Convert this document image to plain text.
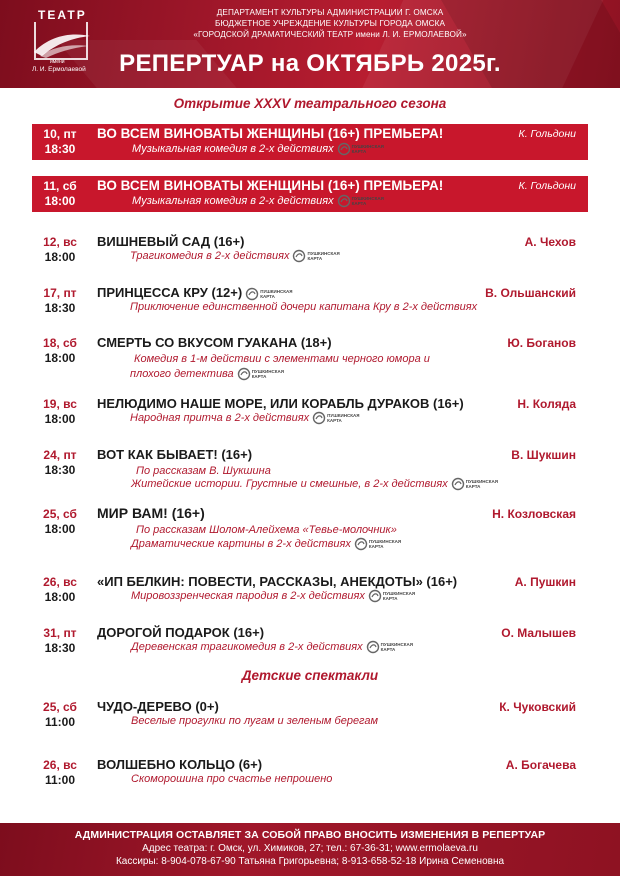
ТЕАТР
имени
Л. И. Ермолаевой
ДЕПАРТАМЕНТ КУЛЬТУРЫ АДМИНИСТРАЦИИ Г. ОМСКА
БЮДЖЕТНОЕ УЧРЕЖДЕНИЕ КУЛЬТУРЫ ГОРОДА ОМСКА
«ГОРОДСКОЙ ДРАМАТИЧЕСКИЙ ТЕАТР имени Л. И. ЕРМОЛАЕВОЙ»
РЕПЕРТУАР на ОКТЯБРЬ 2025г.
Открытие XXXV театрального сезона
10, пт
18:30
ВО ВСЕМ ВИНОВАТЫ ЖЕНЩИНЫ (16+) ПРЕМЬЕРА!	К. Гольдони
Музыкальная комедия в 2-х действиях	ПУШКИНСКАЯ КАРТА
11, сб
18:00
ВО ВСЕМ ВИНОВАТЫ ЖЕНЩИНЫ (16+) ПРЕМЬЕРА!	К. Гольдони
Музыкальная комедия в 2-х действиях	ПУШКИНСКАЯ КАРТА
12, вс
18:00
ВИШНЕВЫЙ САД (16+)	А. Чехов
Трагикомедия в 2-х действиях	ПУШКИНСКАЯ КАРТА
17, пт
18:30
ПРИНЦЕССА КРУ (12+)	ПУШКИНСКАЯ КАРТА	В. Ольшанский
Приключение единственной дочери капитана Кру в 2-х действиях
18, сб
18:00
СМЕРТЬ СО ВКУСОМ ГУАКАНА (18+)	Ю. Боганов
Комедия в 1-м действии с элементами черного юмора и
плохого детектива	ПУШКИНСКАЯ КАРТА
19, вс
18:00
НЕЛЮДИМО НАШЕ МОРЕ, ИЛИ КОРАБЛЬ ДУРАКОВ (16+)	Н. Коляда
Народная притча в 2-х действиях	ПУШКИНСКАЯ КАРТА
24, пт
18:30
ВОТ КАК БЫВАЕТ! (16+)	В. Шукшин
По рассказам В. Шукшина
Житейские истории. Грустные и смешные, в 2-х действиях	ПУШКИНСКАЯ КАРТА
25, сб
18:00
МИР ВАМ! (16+)	Н. Козловская
По рассказам Шолом-Алейхема «Тевье-молочник»
Драматические картины в 2-х действиях	ПУШКИНСКАЯ КАРТА
26, вс
18:00
«ИП БЕЛКИН: ПОВЕСТИ, РАССКАЗЫ, АНЕКДОТЫ» (16+)	А. Пушкин
Мировоззренческая пародия в 2-х действиях	ПУШКИНСКАЯ КАРТА
31, пт
18:30
ДОРОГОЙ ПОДАРОК (16+)	О. Малышев
Деревенская трагикомедия в 2-х действиях	ПУШКИНСКАЯ КАРТА
Детские спектакли
25, сб
11:00
ЧУДО-ДЕРЕВО (0+)	К. Чуковский
Веселые прогулки по лугам и зеленым берегам
26, вс
11:00
ВОЛШЕБНО КОЛЬЦО (6+)	А. Богачева
Скоморошина про счастье непрошено
АДМИНИСТРАЦИЯ ОСТАВЛЯЕТ ЗА СОБОЙ ПРАВО ВНОСИТЬ ИЗМЕНЕНИЯ В РЕПЕРТУАР
Адрес театра: г. Омск, ул. Химиков, 27; тел.: 67-36-31; www.ermolaeva.ru
Кассиры: 8-904-078-67-90 Татьяна Григорьевна; 8-913-658-52-18 Ирина Семеновна
